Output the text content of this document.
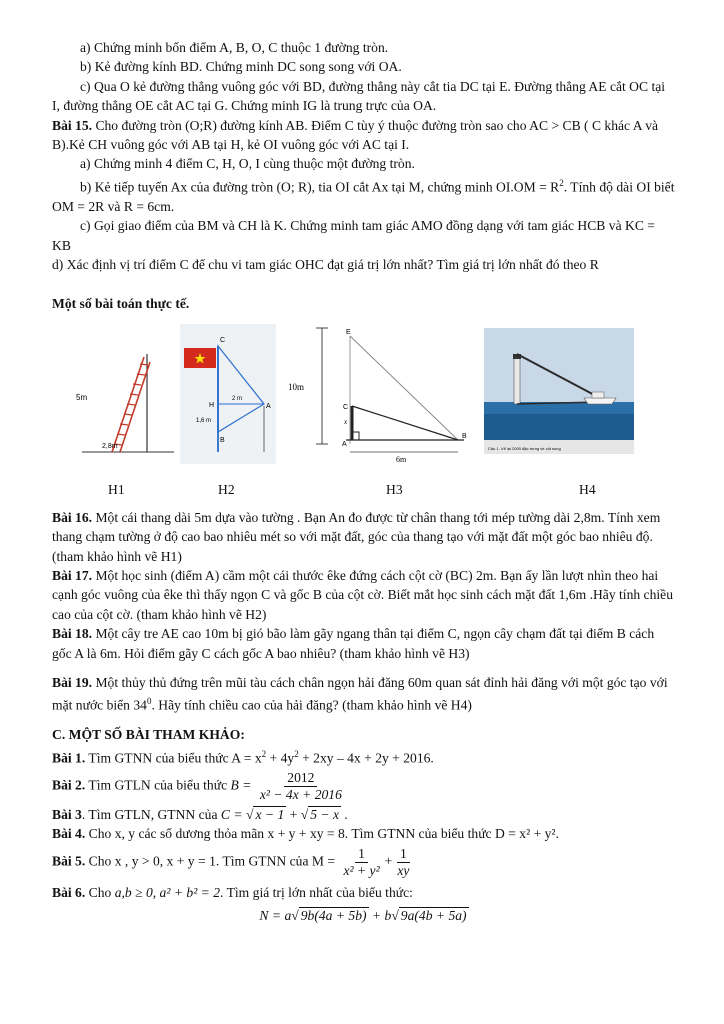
a) Chứng minh bốn điểm A, B, O, C thuộc 1 đường tròn.

b) Kẻ đường kính BD. Chứng minh DC song song với OA.

c) Qua O kẻ đường thẳng vuông góc với BD, đường thẳng này cắt tia DC tại E. Đường thẳng AE cắt OC tại I, đường thẳng OE cắt AC tại G. Chứng minh IG là trung trực của OA.

Bài 15. Cho đường tròn (O;R) đường kính AB. Điểm C tùy ý thuộc đường tròn sao cho AC > CB ( C khác A và B).Kẻ CH vuông góc với AB tại H, kẻ OI vuông góc với AC tại I.

a) Chứng minh 4 điểm C, H, O, I cùng thuộc một đường tròn.

b) Kẻ tiếp tuyến Ax của đường tròn (O; R), tia OI cắt Ax tại M, chứng minh $OI.OM = R^2$. Tính độ dài OI biết OM = 2R và R = 6cm.

c) Gọi giao điểm của BM và CH là K. Chứng minh tam giác AMO đồng dạng với tam giác HCB và KC = KB

d) Xác định vị trí điểm C để chu vi tam giác OHC đạt giá trị lớn nhất? Tìm giá trị lớn nhất đó theo R

Một số bài toán thực tế.

5m
2,8m
C
H	A
B
2 m
1,6 m
10m
E
C
x
A
B
6m
Câu 1. Vẽ lại 2000 đặc trưng về cột sóng
H1	H2	H3	H4

Bài 16. Một cái thang dài 5m dựa vào tường . Bạn An đo được từ chân thang tới mép tường dài 2,8m. Tính xem thang chạm tường ở độ cao bao nhiêu mét so với mặt đất, góc của thang tạo với mặt đất một góc bao nhiêu độ. (tham khảo hình vẽ H1)

Bài 17. Một học sinh (điểm A) cầm một cái thước êke đứng cách cột cờ (BC) 2m. Bạn ấy lần lượt nhìn theo hai cạnh góc vuông của êke thì thấy ngọn C và gốc B của cột cờ. Biết mắt học sinh cách mặt đất 1,6m .Hãy tính chiều cao của cột cờ. (tham khảo hình vẽ H2)

Bài 18. Một cây tre AE cao 10m bị gió bão làm gãy ngang thân tại điểm C, ngọn cây chạm đất tại điểm B cách gốc A là 6m. Hỏi điểm gãy C cách gốc A bao nhiêu? (tham khảo hình vẽ H3)

Bài 19. Một thủy thủ đứng trên mũi tàu cách chân ngọn hải đăng 60m quan sát đỉnh hải đăng với một góc tạo với mặt nước biển $34^0$. Hãy tính chiều cao của hải đăng? (tham khảo hình vẽ H4)

C. MỘT SỐ BÀI THAM KHẢO:

Bài 1. Tìm GTNN của biểu thức $A = x^2 + 4y^2 + 2xy - 4x + 2y + 2016$.

Bài 2. Tìm GTLN của biểu thức $B = \frac{2012}{\text{x² − 4x + 2016}}$

Bài 3. Tìm GTLN, GTNN của C = √ x − 1 + √ 5 − x .

Bài 4. Cho x, y các số dương thỏa mãn x + y + xy = 8. Tìm GTNN của biểu thức D = x² + y².

Bài 5. Cho x , y > 0, x + y = 1. Tìm GTNN của $M = \frac{1}{\text{x² + y²}} + \frac{1}{xy}$

Bài 6. Cho a,b ≥ 0, a² + b² = 2. Tìm giá trị lớn nhất của biểu thức:

N = a√ 9b(4a + 5b) + b√ 9a(4b + 5a)
